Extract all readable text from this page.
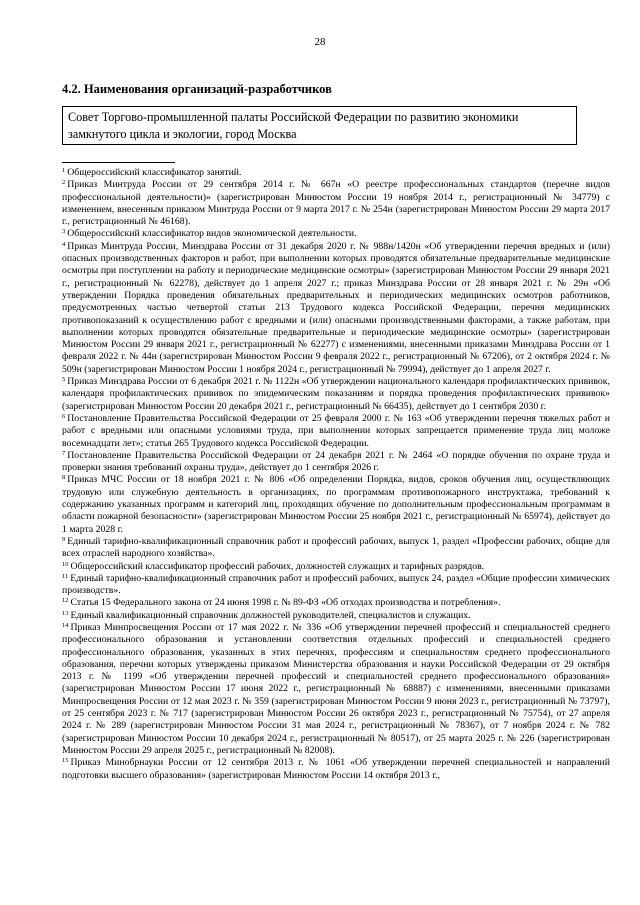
28
4.2. Наименования организаций-разработчиков
Совет Торгово-промышленной палаты Российской Федерации по развитию экономики замкнутого цикла и экологии, город Москва

$^1$ Общероссийский классификатор занятий.

$^2$ Приказ Минтруда России от 29 сентября 2014 г. № 667н «О реестре профессиональных стандартов (перечне видов профессиональной деятельности)» (зарегистрирован Минюстом России 19 ноября 2014 г., регистрационный № 34779) с изменением, внесенным приказом Минтруда России от 9 марта 2017 г. № 254н (зарегистрирован Минюстом России 29 марта 2017 г., регистрационный № 46168).

$^3$ Общероссийский классификатор видов экономической деятельности.

$^4$ Приказ Минтруда России, Минздрава России от 31 декабря 2020 г. № 988н/1420н «Об утверждении перечня вредных и (или) опасных производственных факторов и работ, при выполнении которых проводятся обязательные предварительные медицинские осмотры при поступлении на работу и периодические медицинские осмотры» (зарегистрирован Минюстом России 29 января 2021 г., регистрационный № 62278), действует до 1 апреля 2027 г.; приказ Минздрава России от 28 января 2021 г. № 29н «Об утверждении Порядка проведения обязательных предварительных и периодических медицинских осмотров работников, предусмотренных частью четвертой статьи 213 Трудового кодекса Российской Федерации, перечня медицинских противопоказаний к осуществлению работ с вредными и (или) опасными производственными факторами, а также работам, при выполнении которых проводятся обязательные предварительные и периодические медицинские осмотры» (зарегистрирован Минюстом России 29 января 2021 г., регистрационный № 62277) с изменениями, внесенными приказами Минздрава России от 1 февраля 2022 г. № 44н (зарегистрирован Минюстом России 9 февраля 2022 г., регистрационный № 67206), от 2 октября 2024 г. № 509н (зарегистрирован Минюстом России 1 ноября 2024 г., регистрационный № 79994), действует до 1 апреля 2027 г.

$^5$ Приказ Минздрава России от 6 декабря 2021 г. № 1122н «Об утверждении национального календаря профилактических прививок, календаря профилактических прививок по эпидемическим показаниям и порядка проведения профилактических прививок» (зарегистрирован Минюстом России 20 декабря 2021 г., регистрационный № 66435), действует до 1 сентября 2030 г.

$^6$ Постановление Правительства Российской Федерации от 25 февраля 2000 г. № 163 «Об утверждении перечня тяжелых работ и работ с вредными или опасными условиями труда, при выполнении которых запрещается применение труда лиц моложе восемнадцати лет»; статья 265 Трудового кодекса Российской Федерации.

$^7$ Постановление Правительства Российской Федерации от 24 декабря 2021 г. № 2464 «О порядке обучения по охране труда и проверки знания требований охраны труда», действует до 1 сентября 2026 г.

$^8$ Приказ МЧС России от 18 ноября 2021 г. № 806 «Об определении Порядка, видов, сроков обучения лиц, осуществляющих трудовую или служебную деятельность в организациях, по программам противопожарного инструктажа, требований к содержанию указанных программ и категорий лиц, проходящих обучение по дополнительным профессиональным программам в области пожарной безопасности» (зарегистрирован Минюстом России 25 ноября 2021 г., регистрационный № 65974), действует до 1 марта 2028 г.

$^9$ Единый тарифно-квалификационный справочник работ и профессий рабочих, выпуск 1, раздел «Профессии рабочих, общие для всех отраслей народного хозяйства».

$^{10}$ Общероссийский классификатор профессий рабочих, должностей служащих и тарифных разрядов.

$^{11}$ Единый тарифно-квалификационный справочник работ и профессий рабочих, выпуск 24, раздел «Общие профессии химических производств».

$^{12}$ Статья 15 Федерального закона от 24 июня 1998 г. № 89-ФЗ «Об отходах производства и потребления».

$^{13}$ Единый квалификационный справочник должностей руководителей, специалистов и служащих.

$^{14}$ Приказ Минпросвещения России от 17 мая 2022 г. № 336 «Об утверждении перечней профессий и специальностей среднего профессионального образования и установлении соответствия отдельных профессий и специальностей среднего профессионального образования, указанных в этих перечнях, профессиям и специальностям среднего профессионального образования, перечни которых утверждены приказом Министерства образования и науки Российской Федерации от 29 октября 2013 г. № 1199 «Об утверждении перечней профессий и специальностей среднего профессионального образования» (зарегистрирован Минюстом России 17 июня 2022 г., регистрационный № 68887) с изменениями, внесенными приказами Минпросвещения России от 12 мая 2023 г. № 359 (зарегистрирован Минюстом России 9 июня 2023 г., регистрационный № 73797), от 25 сентября 2023 г. № 717 (зарегистрирован Минюстом России 26 октября 2023 г., регистрационный № 75754), от 27 апреля 2024 г. № 289 (зарегистрирован Минюстом России 31 мая 2024 г., регистрационный № 78367), от 7 ноября 2024 г. № 782 (зарегистрирован Минюстом России 10 декабря 2024 г., регистрационный № 80517), от 25 марта 2025 г. № 226 (зарегистрирован Минюстом России 29 апреля 2025 г., регистрационный № 82008).

$^{15}$ Приказ Минобрнауки России от 12 сентября 2013 г. № 1061 «Об утверждении перечней специальностей и направлений подготовки высшего образования» (зарегистрирован Минюстом России 14 октября 2013 г.,
